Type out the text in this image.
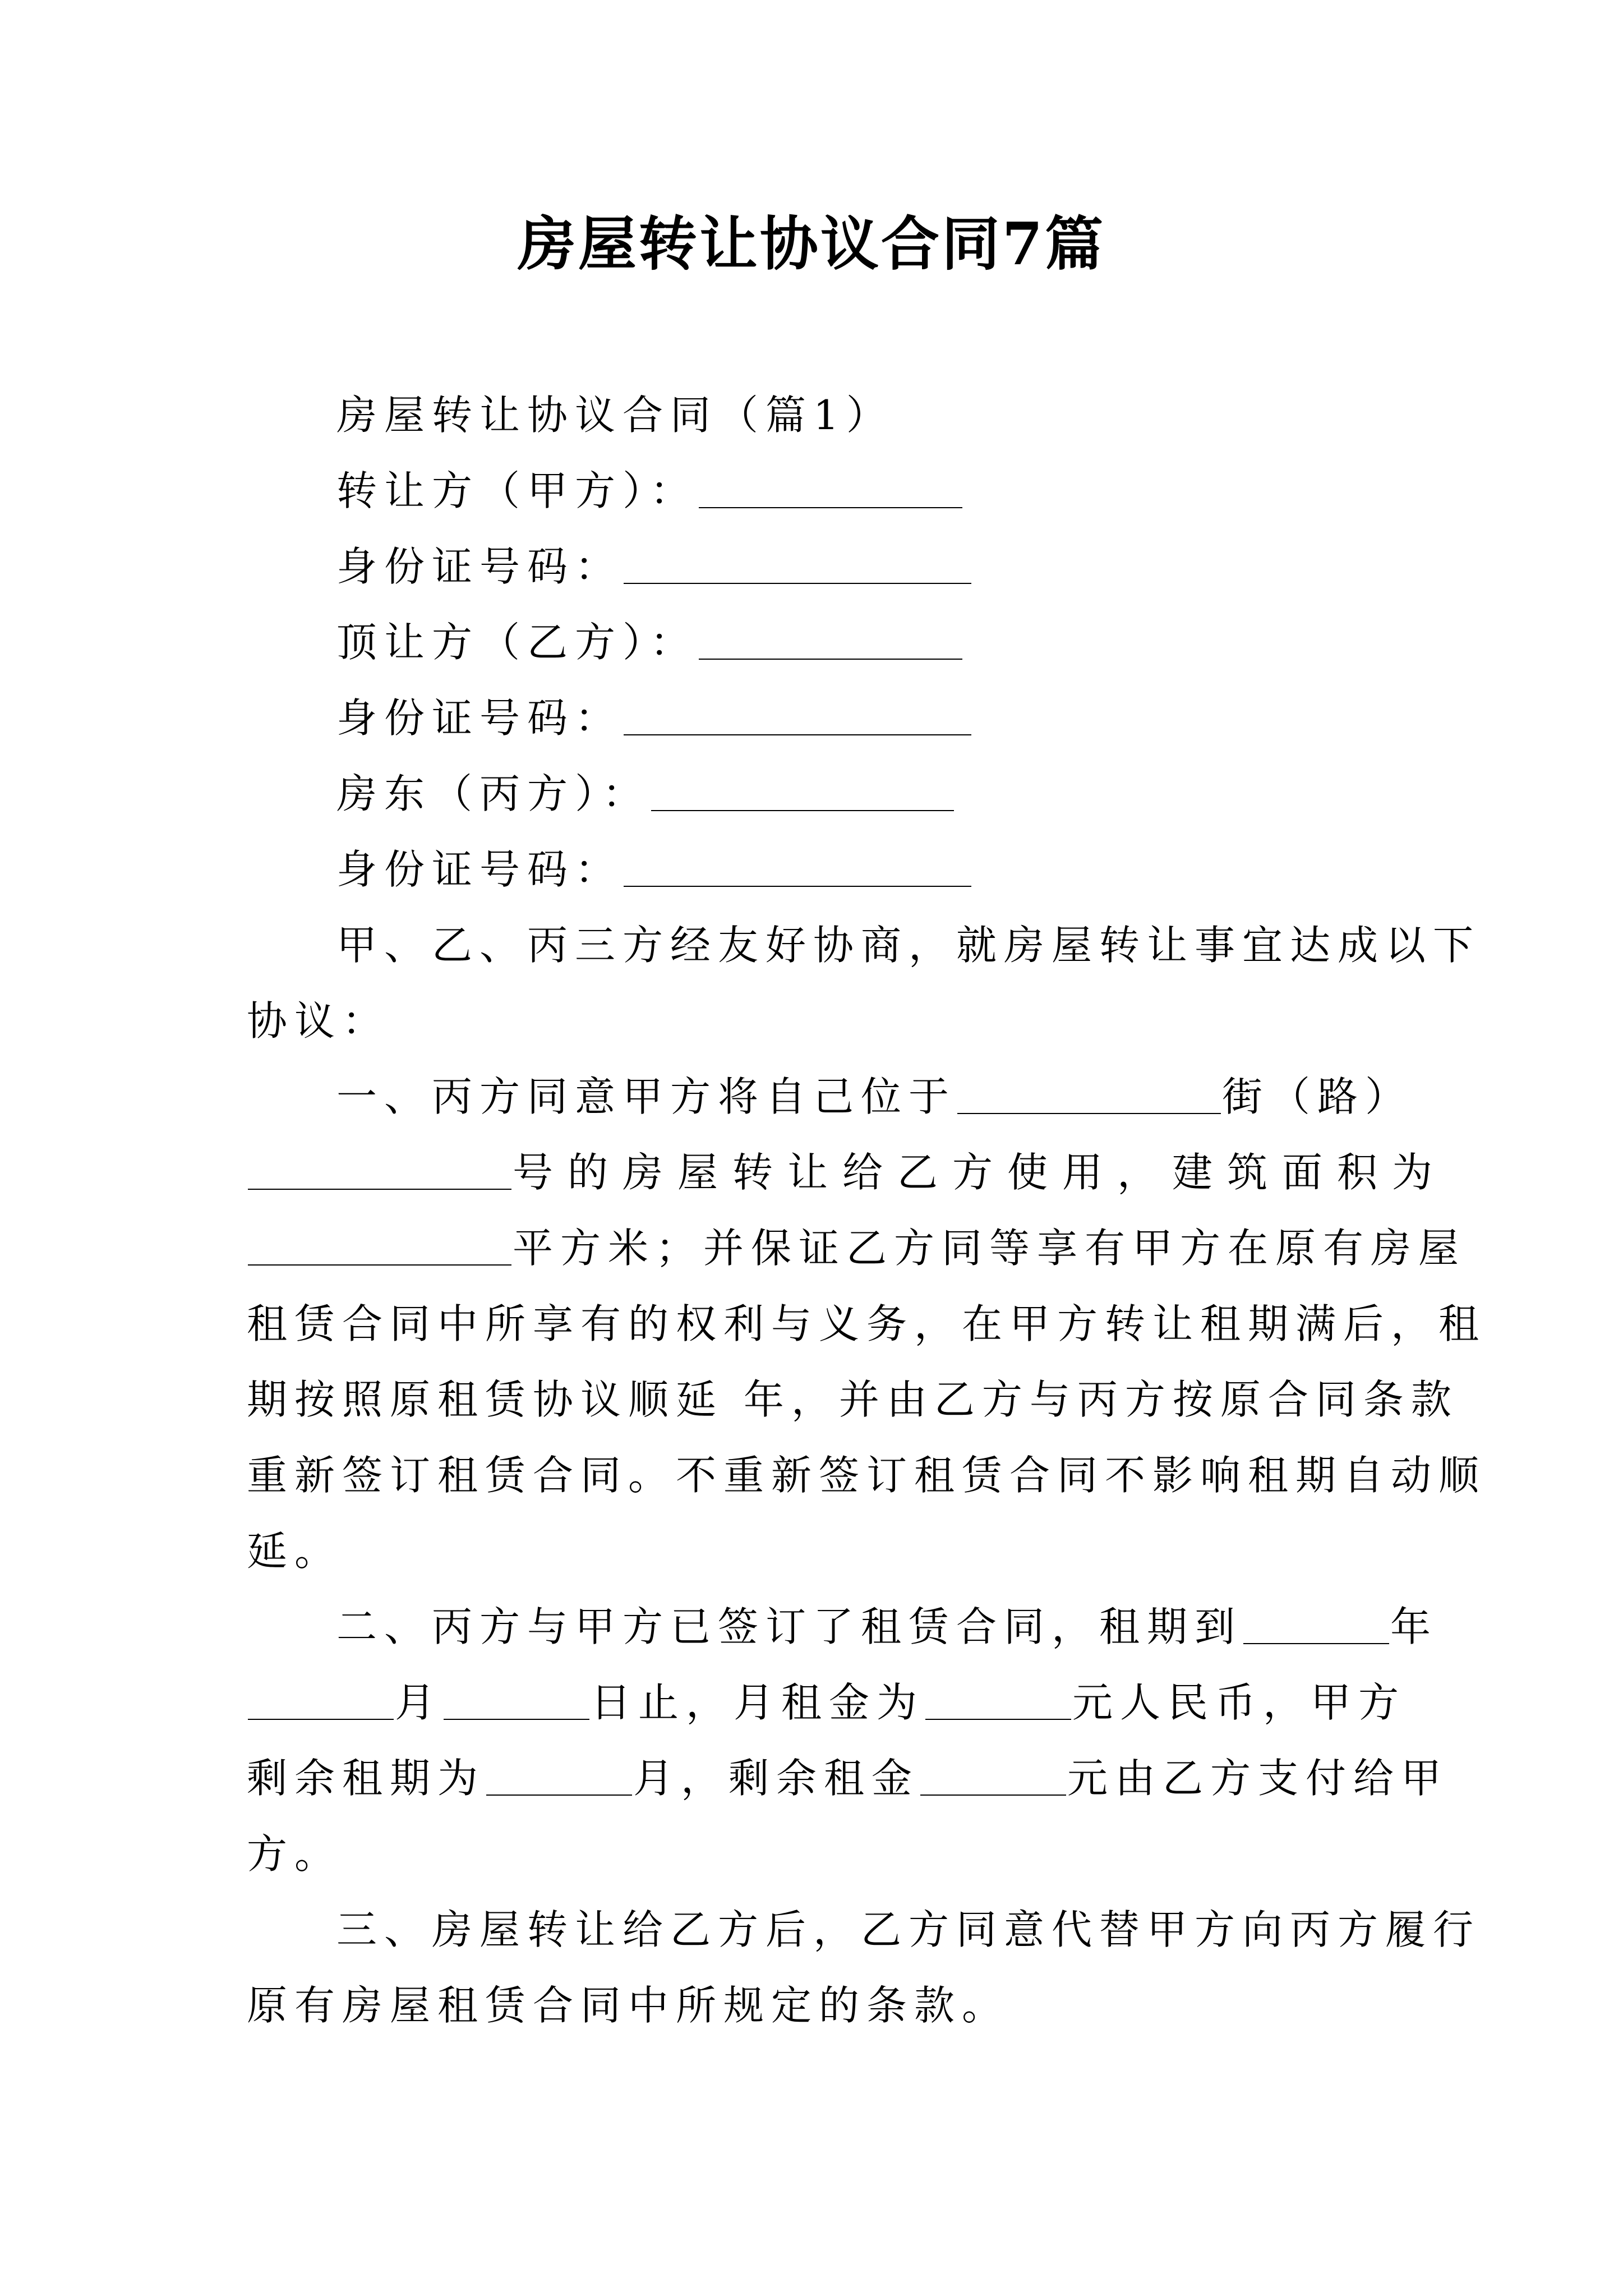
房屋转让协议合同7篇
房屋转让协议合同（篇1）
转让方（甲方）：
身份证号码：
顶让方（乙方）：
身份证号码：
房东（丙方）：
身份证号码：
甲、乙、丙三方经友好协商，就房屋转让事宜达成以下
协议：
一、丙方同意甲方将自己位于	街（路）
号的房屋转让给乙方使用，建筑面积为
平方米；并保证乙方同等享有甲方在原有房屋
租赁合同中所享有的权利与义务，在甲方转让租期满后，租
期按照原租赁协议顺延 年，并由乙方与丙方按原合同条款
重新签订租赁合同。不重新签订租赁合同不影响租期自动顺
延。
二、丙方与甲方已签订了租赁合同，租期到	年
月	日止，月租金为	元人民币，甲方
剩余租期为	月，剩余租金	元由乙方支付给甲
方。
三、房屋转让给乙方后，乙方同意代替甲方向丙方履行
原有房屋租赁合同中所规定的条款。
